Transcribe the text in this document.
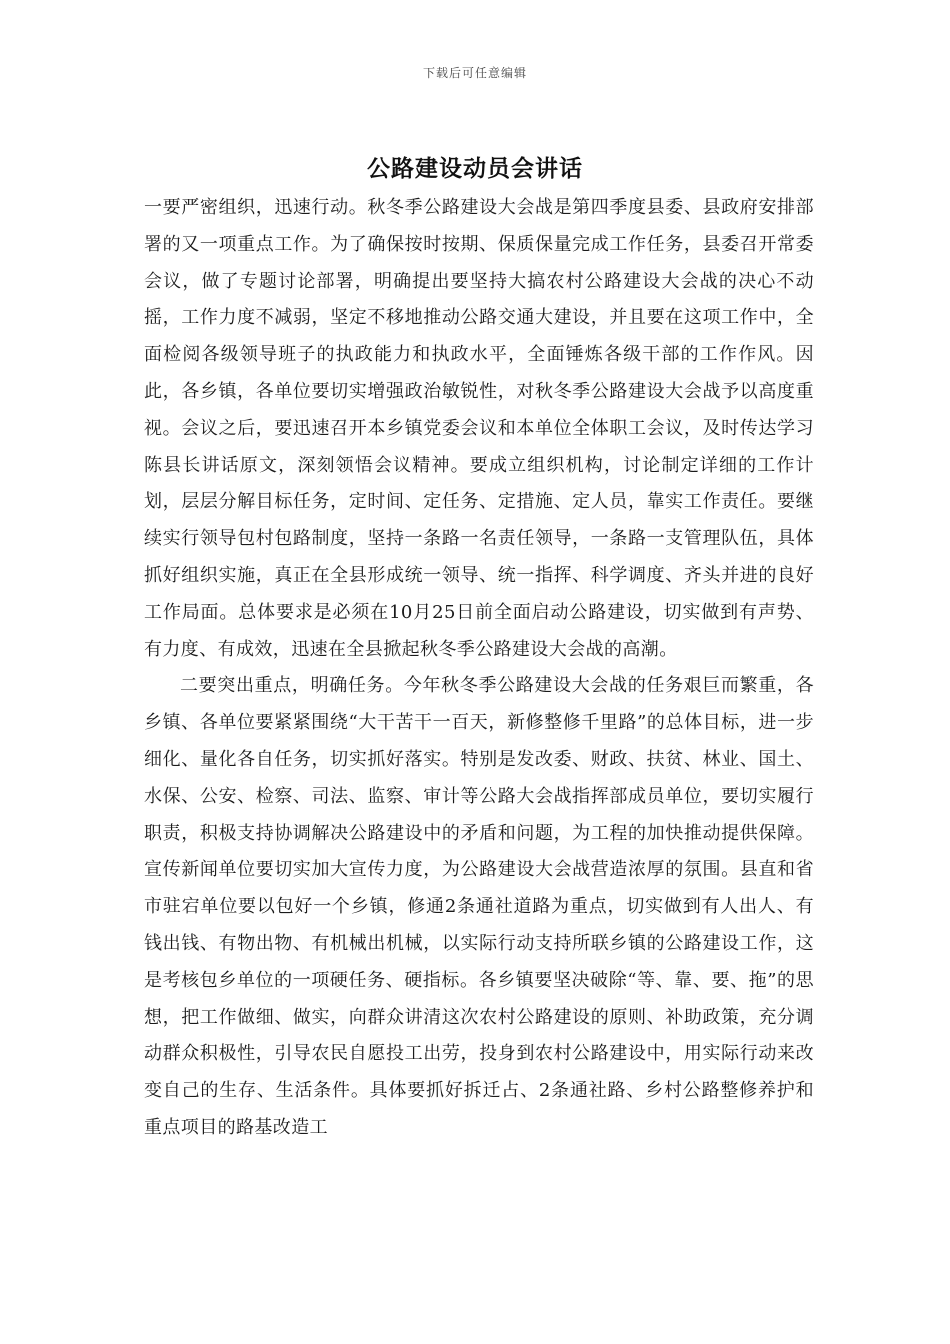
下载后可任意编辑
公路建设动员会讲话

一要严密组织，迅速行动。秋冬季公路建设大会战是第四季度县委、县政府安排部署的又一项重点工作。为了确保按时按期、保质保量完成工作任务，县委召开常委会议，做了专题讨论部署，明确提出要坚持大搞农村公路建设大会战的决心不动摇，工作力度不减弱，坚定不移地推动公路交通大建设，并且要在这项工作中，全面检阅各级领导班子的执政能力和执政水平，全面锤炼各级干部的工作作风。因此，各乡镇，各单位要切实增强政治敏锐性，对秋冬季公路建设大会战予以高度重视。会议之后，要迅速召开本乡镇党委会议和本单位全体职工会议，及时传达学习陈县长讲话原文，深刻领悟会议精神。要成立组织机构，讨论制定详细的工作计划，层层分解目标任务，定时间、定任务、定措施、定人员，靠实工作责任。要继续实行领导包村包路制度，坚持一条路一名责任领导，一条路一支管理队伍，具体抓好组织实施，真正在全县形成统一领导、统一指挥、科学调度、齐头并进的良好工作局面。总体要求是必须在10月25日前全面启动公路建设，切实做到有声势、有力度、有成效，迅速在全县掀起秋冬季公路建设大会战的高潮。

二要突出重点，明确任务。今年秋冬季公路建设大会战的任务艰巨而繁重，各乡镇、各单位要紧紧围绕“大干苦干一百天，新修整修千里路”的总体目标，进一步细化、量化各自任务，切实抓好落实。特别是发改委、财政、扶贫、林业、国土、水保、公安、检察、司法、监察、审计等公路大会战指挥部成员单位，要切实履行职责，积极支持协调解决公路建设中的矛盾和问题，为工程的加快推动提供保障。宣传新闻单位要切实加大宣传力度，为公路建设大会战营造浓厚的氛围。县直和省市驻宕单位要以包好一个乡镇，修通2条通社道路为重点，切实做到有人出人、有钱出钱、有物出物、有机械出机械，以实际行动支持所联乡镇的公路建设工作，这是考核包乡单位的一项硬任务、硬指标。各乡镇要坚决破除“等、靠、要、拖”的思想，把工作做细、做实，向群众讲清这次农村公路建设的原则、补助政策，充分调动群众积极性，引导农民自愿投工出劳，投身到农村公路建设中，用实际行动来改变自己的生存、生活条件。具体要抓好拆迁占、2条通社路、乡村公路整修养护和重点项目的路基改造工
